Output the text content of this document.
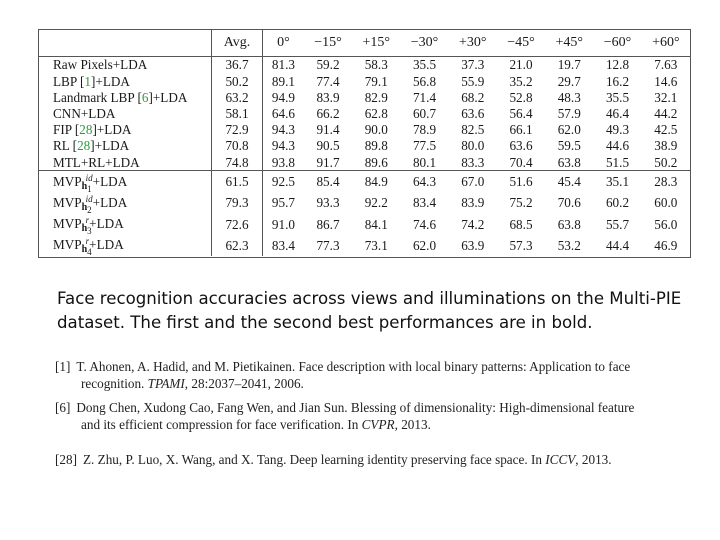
	Avg.	0°	−15°	+15°	−30°	+30°	−45°	+45°	−60°	+60°
Raw Pixels+LDA	36.7	81.3	59.2	58.3	35.5	37.3	21.0	19.7	12.8	7.63
LBP [1]+LDA	50.2	89.1	77.4	79.1	56.8	55.9	35.2	29.7	16.2	14.6
Landmark LBP [6]+LDA	63.2	94.9	83.9	82.9	71.4	68.2	52.8	48.3	35.5	32.1
CNN+LDA	58.1	64.6	66.2	62.8	60.7	63.6	56.4	57.9	46.4	44.2
FIP [28]+LDA	72.9	94.3	91.4	90.0	78.9	82.5	66.1	62.0	49.3	42.5
RL [28]+LDA	70.8	94.3	90.5	89.8	77.5	80.0	63.6	59.5	44.6	38.9
MTL+RL+LDA	74.8	93.8	91.7	89.6	80.1	83.3	70.4	63.8	51.5	50.2
$MVP_{h1}^{id}+LDA$	61.5	92.5	85.4	84.9	64.3	67.0	51.6	45.4	35.1	28.3
$MVP_{h2}^{id}+LDA$	79.3	95.7	93.3	92.2	83.4	83.9	75.2	70.6	60.2	60.0
$MVP_{h3}^r+LDA$	72.6	91.0	86.7	84.1	74.6	74.2	68.5	63.8	55.7	56.0
$MVP_{h4}^r+LDA$	62.3	83.4	77.3	73.1	62.0	63.9	57.3	53.2	44.4	46.9
Face recognition accuracies across views and illuminations on the Multi-PIE
dataset. The first and the second best performances are in bold.
[1] T. Ahonen, A. Hadid, and M. Pietikainen. Face description with local binary patterns: Application to face
recognition. TPAMI, 28:2037–2041, 2006.
[6] Dong Chen, Xudong Cao, Fang Wen, and Jian Sun. Blessing of dimensionality: High-dimensional feature
and its efficient compression for face verification. In CVPR, 2013.
[28] Z. Zhu, P. Luo, X. Wang, and X. Tang. Deep learning identity preserving face space. In ICCV, 2013.
